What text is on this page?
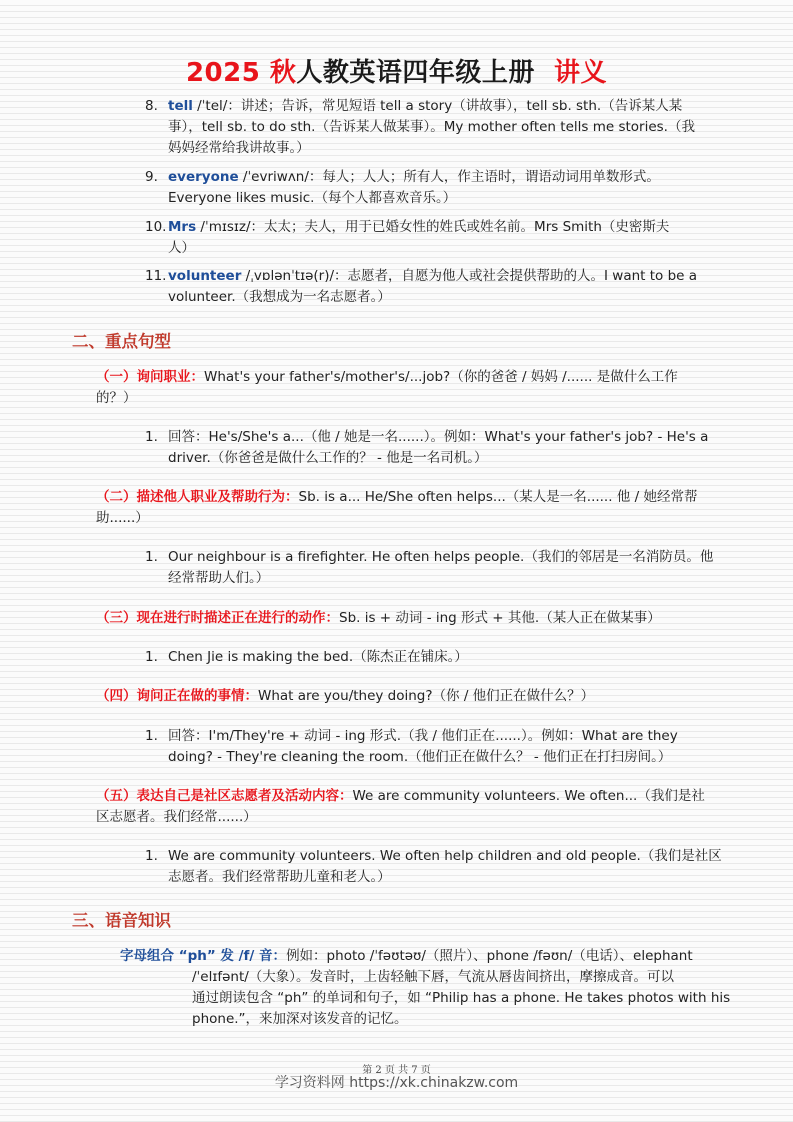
2025 秋人教英语四年级上册 讲义
8. tell /ˈtel/：讲述；告诉，常见短语 tell a story（讲故事），tell sb. sth.（告诉某人某
事），tell sb. to do sth.（告诉某人做某事）。My mother often tells me stories.（我
妈妈经常给我讲故事。）
9. everyone /ˈevriwʌn/：每人；人人；所有人，作主语时，谓语动词用单数形式。
Everyone likes music.（每个人都喜欢音乐。）
10. Mrs /ˈmɪsɪz/：太太；夫人，用于已婚女性的姓氏或姓名前。Mrs Smith（史密斯夫
人）
11. volunteer /ˌvɒlənˈtɪə(r)/：志愿者，自愿为他人或社会提供帮助的人。I want to be a
volunteer.（我想成为一名志愿者。）
二、重点句型
（一）询问职业：What's your father's/mother's/...job?（你的爸爸 / 妈妈 /...... 是做什么工作
的？）
1. 回答：He's/She's a...（他 / 她是一名......）。例如：What's your father's job? - He's a
driver.（你爸爸是做什么工作的？ - 他是一名司机。）
（二）描述他人职业及帮助行为：Sb. is a... He/She often helps...（某人是一名...... 他 / 她经常帮
助......）
1. Our neighbour is a firefighter. He often helps people.（我们的邻居是一名消防员。他
经常帮助人们。）
（三）现在进行时描述正在进行的动作：Sb. is + 动词 - ing 形式 + 其他.（某人正在做某事）
1. Chen Jie is making the bed.（陈杰正在铺床。）
（四）询问正在做的事情：What are you/they doing?（你 / 他们正在做什么？）
1. 回答：I'm/They're + 动词 - ing 形式.（我 / 他们正在......）。例如：What are they
doing? - They're cleaning the room.（他们正在做什么？ - 他们正在打扫房间。）
（五）表达自己是社区志愿者及活动内容：We are community volunteers. We often...（我们是社
区志愿者。我们经常......）
1. We are community volunteers. We often help children and old people.（我们是社区
志愿者。我们经常帮助儿童和老人。）
三、语音知识
字母组合 “ph” 发 /f/ 音：例如：photo /ˈfəʊtəʊ/（照片）、phone /fəʊn/（电话）、elephant
/ˈelɪfənt/（大象）。发音时，上齿轻触下唇，气流从唇齿间挤出，摩擦成音。可以
通过朗读包含 “ph” 的单词和句子，如 “Philip has a phone. He takes photos with his
phone.”，来加深对该发音的记忆。
第 2 页 共 7 页
学习资料网 https://xk.chinakzw.com
